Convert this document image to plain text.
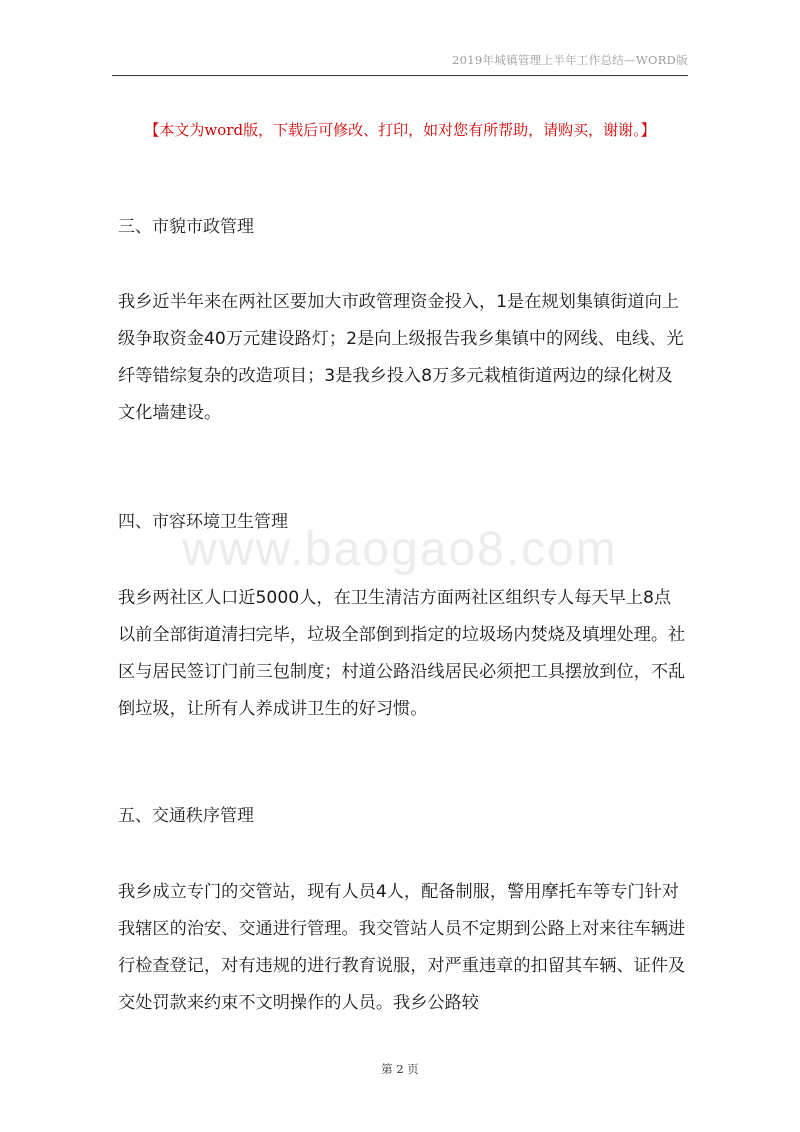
2019年城镇管理上半年工作总结—WORD版
【本文为word版，下载后可修改、打印，如对您有所帮助，请购买，谢谢。】
www.baogao8.com
三、市貌市政管理
我乡近半年来在两社区要加大市政管理资金投入，1是在规划集镇街道向上级争取资金40万元建设路灯；2是向上级报告我乡集镇中的网线、电线、光纤等错综复杂的改造项目；3是我乡投入8万多元栽植街道两边的绿化树及文化墙建设。
四、市容环境卫生管理
我乡两社区人口近5000人，在卫生清洁方面两社区组织专人每天早上8点以前全部街道清扫完毕，垃圾全部倒到指定的垃圾场内焚烧及填埋处理。社区与居民签订门前三包制度；村道公路沿线居民必须把工具摆放到位，不乱倒垃圾，让所有人养成讲卫生的好习惯。
五、交通秩序管理
我乡成立专门的交管站，现有人员4人，配备制服，警用摩托车等专门针对我辖区的治安、交通进行管理。我交管站人员不定期到公路上对来往车辆进行检查登记，对有违规的进行教育说服，对严重违章的扣留其车辆、证件及交处罚款来约束不文明操作的人员。我乡公路较
第 2 页
